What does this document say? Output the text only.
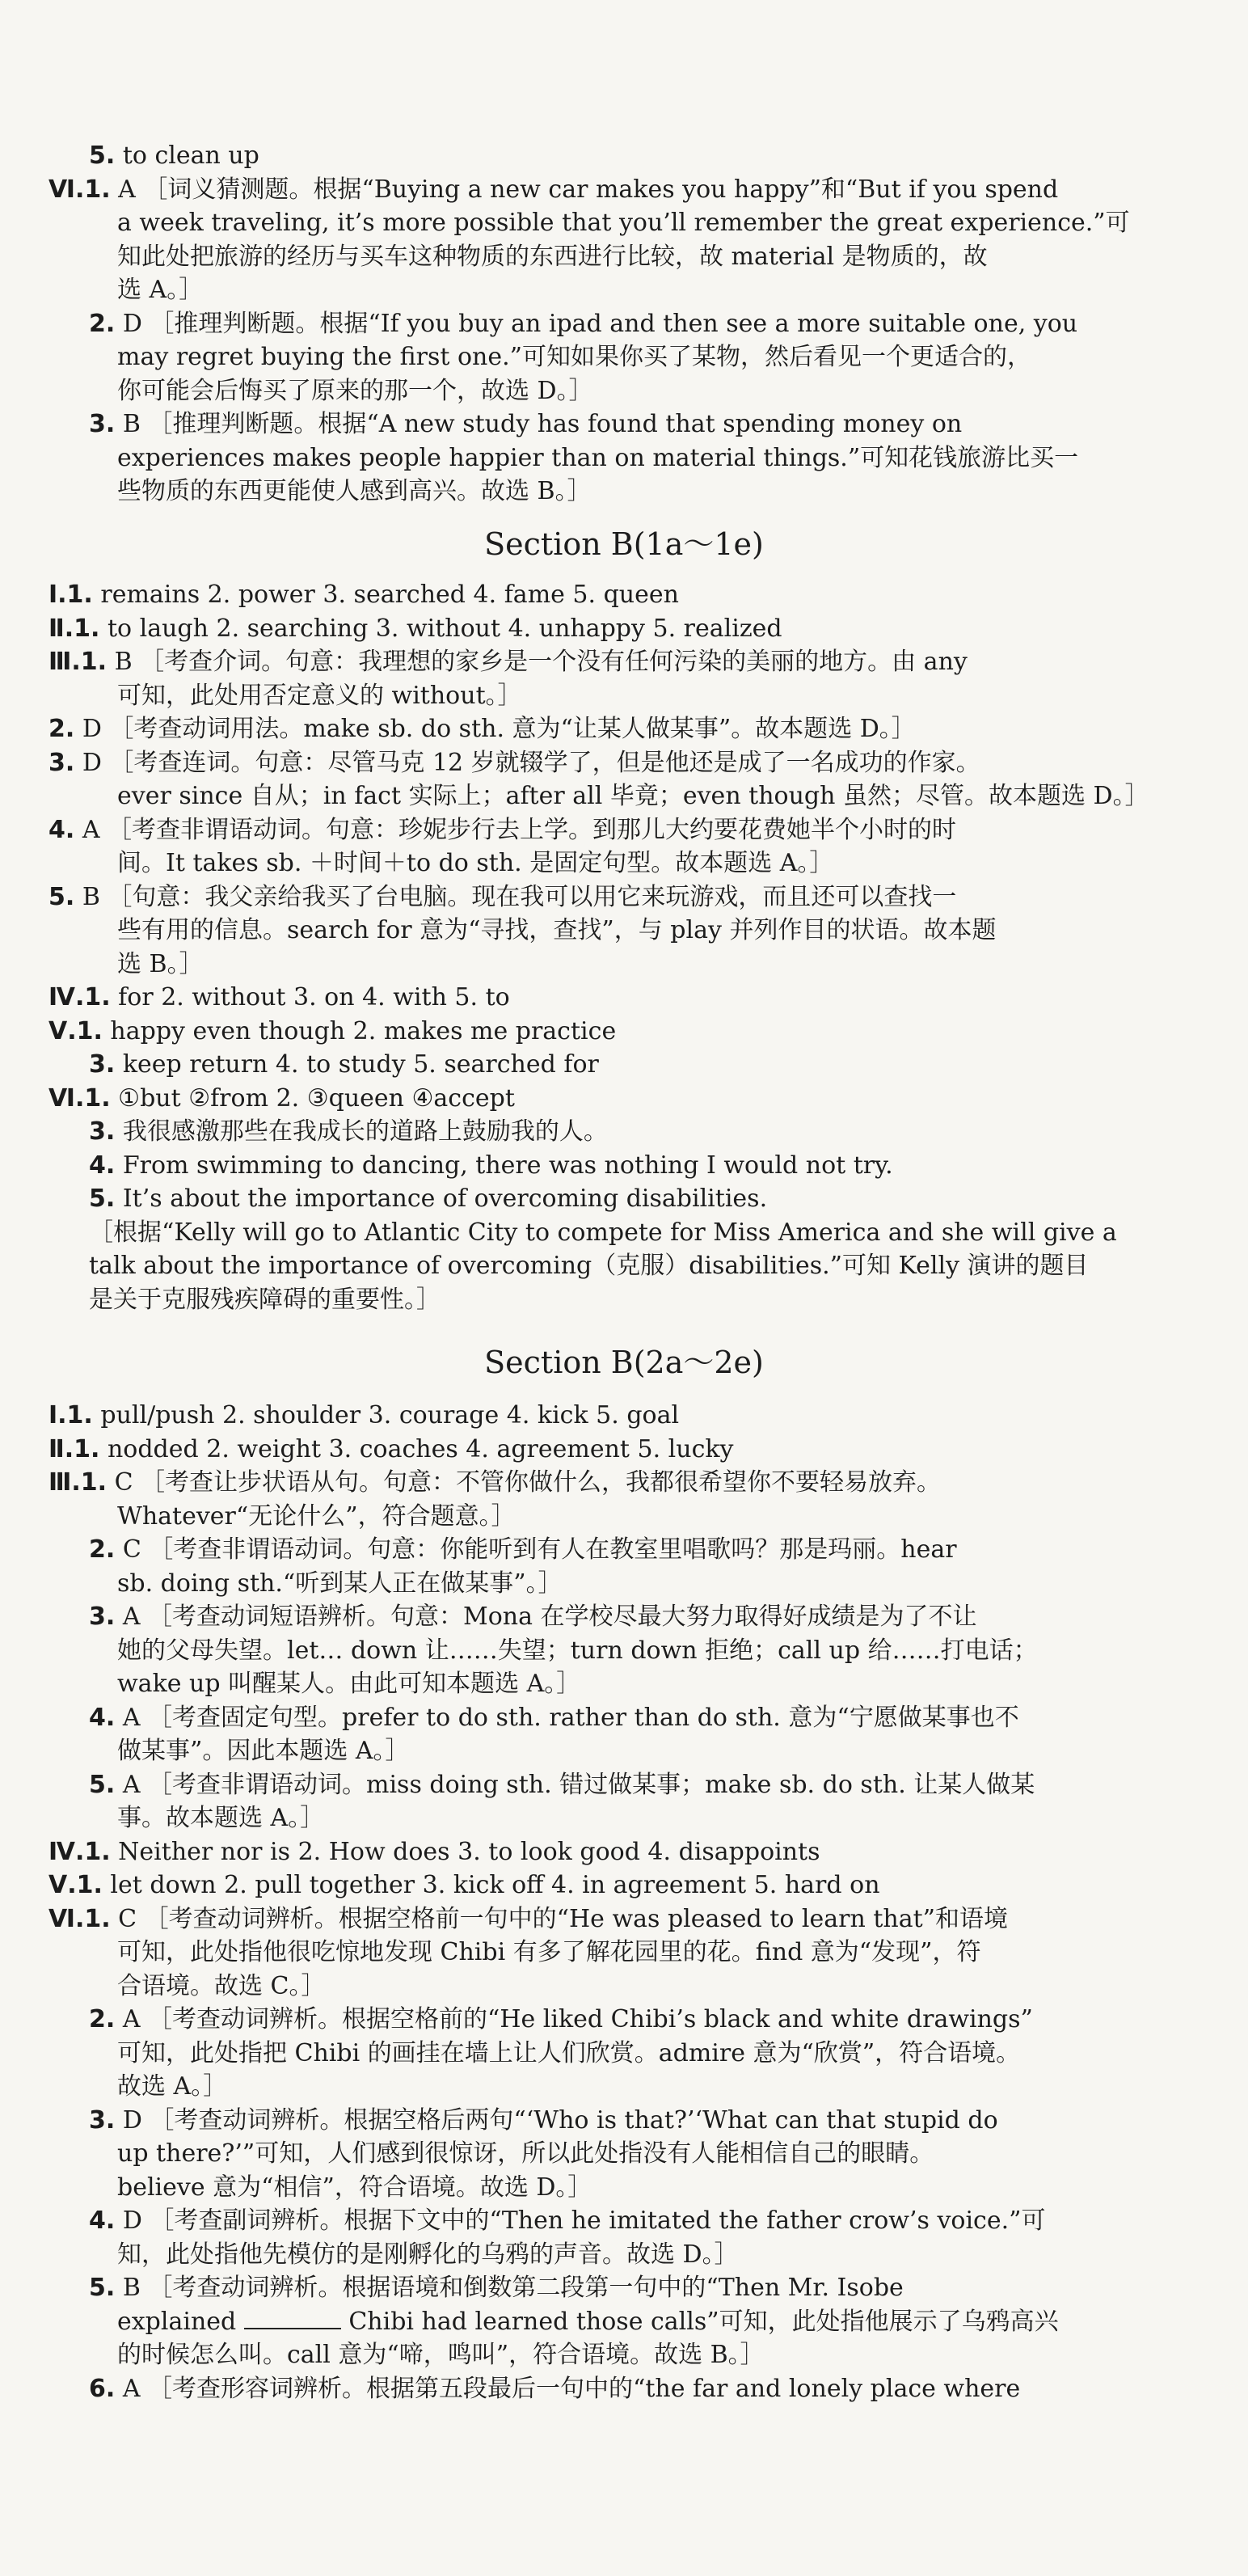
Section B(1a～1e)
Section B(2a～2e)
5. to clean up
Ⅵ.1. A ［词义猜测题。根据“Buying a new car makes you happy”和“But if you spend
a week traveling, it’s more possible that you’ll remember the great experience.”可
知此处把旅游的经历与买车这种物质的东西进行比较，故 material 是物质的，故
选 A。］
2. D ［推理判断题。根据“If you buy an ipad and then see a more suitable one, you
may regret buying the first one.”可知如果你买了某物，然后看见一个更适合的，
你可能会后悔买了原来的那一个，故选 D。］
3. B ［推理判断题。根据“A new study has found that spending money on
experiences makes people happier than on material things.”可知花钱旅游比买一
些物质的东西更能使人感到高兴。故选 B。］
Ⅰ.1. remains 2. power 3. searched 4. fame 5. queen
Ⅱ.1. to laugh 2. searching 3. without 4. unhappy 5. realized
Ⅲ.1. B ［考查介词。句意：我理想的家乡是一个没有任何污染的美丽的地方。由 any
可知，此处用否定意义的 without。］
2. D ［考查动词用法。make sb. do sth. 意为“让某人做某事”。故本题选 D。］
3. D ［考查连词。句意：尽管马克 12 岁就辍学了，但是他还是成了一名成功的作家。
ever since 自从；in fact 实际上；after all 毕竟；even though 虽然；尽管。故本题选 D。］
4. A ［考查非谓语动词。句意：珍妮步行去上学。到那儿大约要花费她半个小时的时
间。It takes sb. ＋时间＋to do sth. 是固定句型。故本题选 A。］
5. B ［句意：我父亲给我买了台电脑。现在我可以用它来玩游戏，而且还可以查找一
些有用的信息。search for 意为“寻找，查找”，与 play 并列作目的状语。故本题
选 B。］
Ⅳ.1. for 2. without 3. on 4. with 5. to
Ⅴ.1. happy even though 2. makes me practice
3. keep return 4. to study 5. searched for
Ⅵ.1. ①but ②from 2. ③queen ④accept
3. 我很感激那些在我成长的道路上鼓励我的人。
4. From swimming to dancing, there was nothing I would not try.
5. It’s about the importance of overcoming disabilities.
［根据“Kelly will go to Atlantic City to compete for Miss America and she will give a
talk about the importance of overcoming（克服）disabilities.”可知 Kelly 演讲的题目
是关于克服残疾障碍的重要性。］
Ⅰ.1. pull/push 2. shoulder 3. courage 4. kick 5. goal
Ⅱ.1. nodded 2. weight 3. coaches 4. agreement 5. lucky
Ⅲ.1. C ［考查让步状语从句。句意：不管你做什么，我都很希望你不要轻易放弃。
Whatever“无论什么”，符合题意。］
2. C ［考查非谓语动词。句意：你能听到有人在教室里唱歌吗？那是玛丽。hear
sb. doing sth.“听到某人正在做某事”。］
3. A ［考查动词短语辨析。句意：Mona 在学校尽最大努力取得好成绩是为了不让
她的父母失望。let… down 让……失望；turn down 拒绝；call up 给……打电话；
wake up 叫醒某人。由此可知本题选 A。］
4. A ［考查固定句型。prefer to do sth. rather than do sth. 意为“宁愿做某事也不
做某事”。因此本题选 A。］
5. A ［考查非谓语动词。miss doing sth. 错过做某事；make sb. do sth. 让某人做某
事。故本题选 A。］
Ⅳ.1. Neither nor is 2. How does 3. to look good 4. disappoints
Ⅴ.1. let down 2. pull together 3. kick off 4. in agreement 5. hard on
Ⅵ.1. C ［考查动词辨析。根据空格前一句中的“He was pleased to learn that”和语境
可知，此处指他很吃惊地发现 Chibi 有多了解花园里的花。find 意为“发现”，符
合语境。故选 C。］
2. A ［考查动词辨析。根据空格前的“He liked Chibi’s black and white drawings”
可知，此处指把 Chibi 的画挂在墙上让人们欣赏。admire 意为“欣赏”，符合语境。
故选 A。］
3. D ［考查动词辨析。根据空格后两句“‘Who is that?’‘What can that stupid do
up there?’”可知，人们感到很惊讶，所以此处指没有人能相信自己的眼睛。
believe 意为“相信”，符合语境。故选 D。］
4. D ［考查副词辨析。根据下文中的“Then he imitated the father crow’s voice.”可
知，此处指他先模仿的是刚孵化的乌鸦的声音。故选 D。］
5. B ［考查动词辨析。根据语境和倒数第二段第一句中的“Then Mr. Isobe
explained	Chibi had learned those calls”可知，此处指他展示了乌鸦高兴
的时候怎么叫。call 意为“啼，鸣叫”，符合语境。故选 B。］
6. A ［考查形容词辨析。根据第五段最后一句中的“the far and lonely place where
